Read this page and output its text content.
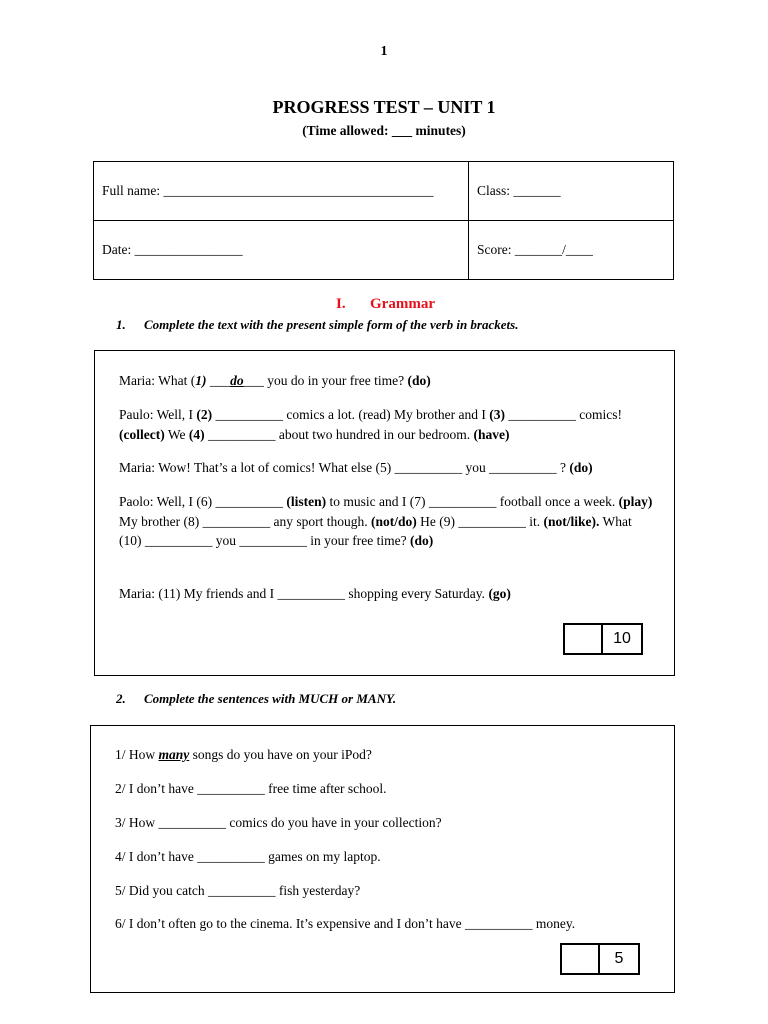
1
PROGRESS TEST – UNIT 1
(Time allowed: ___ minutes)
Full name: ________________________________________	Class: _______
Date: ________________	Score: _______/____
I. Grammar
1. Complete the text with the present simple form of the verb in brackets.
Maria: What (1) ___do___ you do in your free time? (do)
Paulo: Well, I (2) __________ comics a lot. (read) My brother and I (3) __________ comics! (collect) We (4) __________ about two hundred in our bedroom. (have)
Maria: Wow! That’s a lot of comics! What else (5) __________ you __________ ? (do)
Paolo: Well, I (6) __________ (listen) to music and I (7) __________ football once a week. (play) My brother (8) __________ any sport though. (not/do) He (9) __________ it. (not/like). What (10) __________ you __________ in your free time? (do)
Maria: (11) My friends and I __________ shopping every Saturday. (go)
10
2. Complete the sentences with MUCH or MANY.
1/ How many songs do you have on your iPod?
2/ I don’t have __________ free time after school.
3/ How __________ comics do you have in your collection?
4/ I don’t have __________ games on my laptop.
5/ Did you catch __________ fish yesterday?
6/ I don’t often go to the cinema. It’s expensive and I don’t have __________ money.
5
